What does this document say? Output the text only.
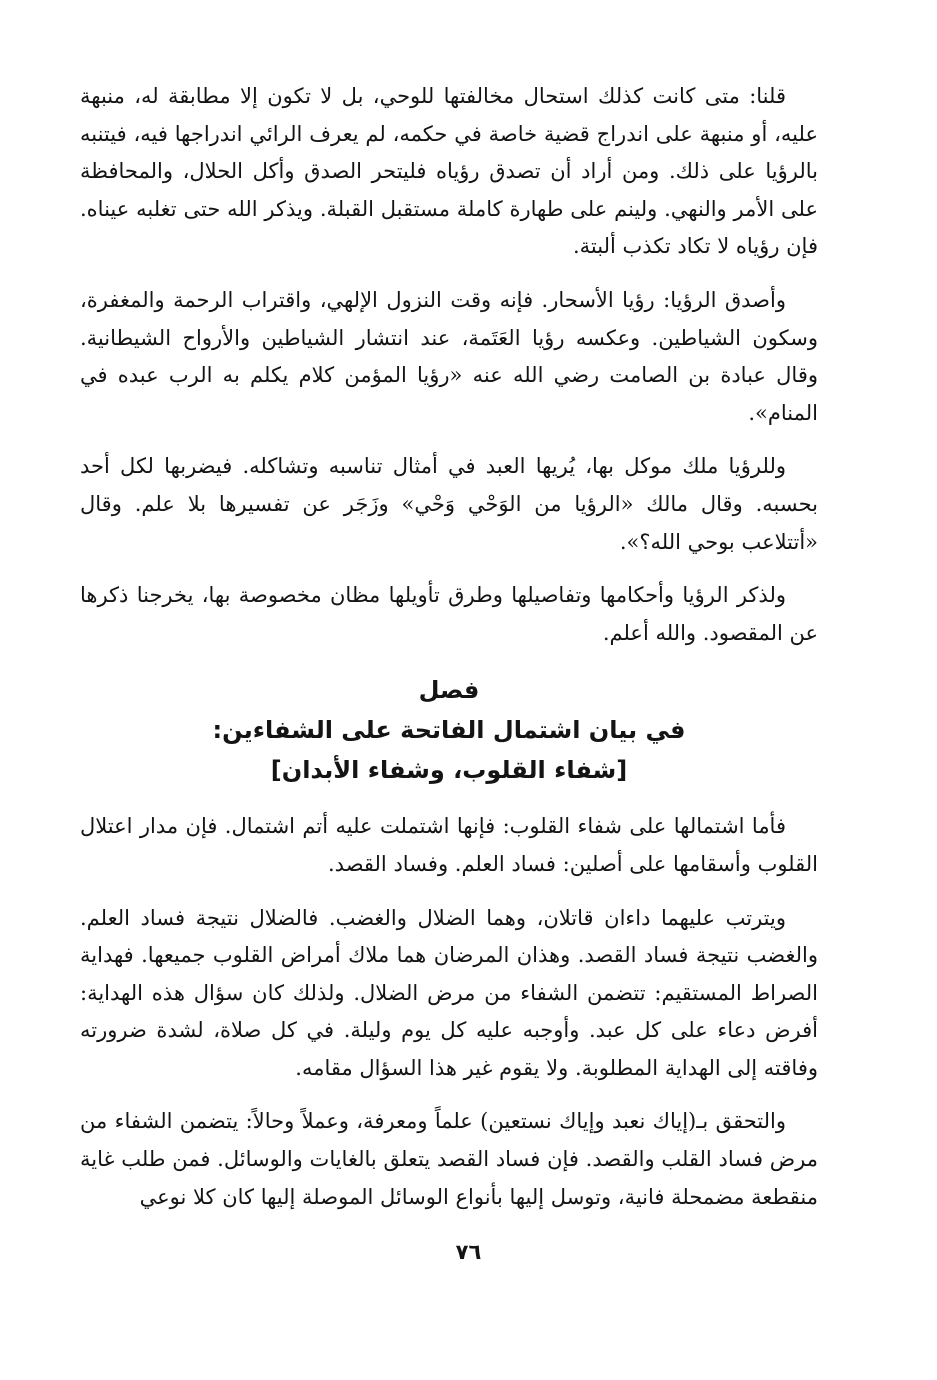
قلنا: متى كانت كذلك استحال مخالفتها للوحي، بل لا تكون إلا مطابقة له، منبهة عليه، أو منبهة على اندراج قضية خاصة في حكمه، لم يعرف الرائي اندراجها فيه، فيتنبه بالرؤيا على ذلك. ومن أراد أن تصدق رؤياه فليتحر الصدق وأكل الحلال، والمحافظة على الأمر والنهي. ولينم على طهارة كاملة مستقبل القبلة. ويذكر الله حتى تغلبه عيناه. فإن رؤياه لا تكاد تكذب ألبتة.

وأصدق الرؤيا: رؤيا الأسحار. فإنه وقت النزول الإلهي، واقتراب الرحمة والمغفرة، وسكون الشياطين. وعكسه رؤيا العَتَمة، عند انتشار الشياطين والأرواح الشيطانية. وقال عبادة بن الصامت رضي الله عنه «رؤيا المؤمن كلام يكلم به الرب عبده في المنام».

وللرؤيا ملك موكل بها، يُريها العبد في أمثال تناسبه وتشاكله. فيضربها لكل أحد بحسبه. وقال مالك «الرؤيا من الوَحْي وَحْي» وزَجَر عن تفسيرها بلا علم. وقال «أتتلاعب بوحي الله؟».

ولذكر الرؤيا وأحكامها وتفاصيلها وطرق تأويلها مظان مخصوصة بها، يخرجنا ذكرها عن المقصود. والله أعلم.

فصل
في بيان اشتمال الفاتحة على الشفاءين:
[شفاء القلوب، وشفاء الأبدان]

فأما اشتمالها على شفاء القلوب: فإنها اشتملت عليه أتم اشتمال. فإن مدار اعتلال القلوب وأسقامها على أصلين: فساد العلم. وفساد القصد.

ويترتب عليهما داءان قاتلان، وهما الضلال والغضب. فالضلال نتيجة فساد العلم. والغضب نتيجة فساد القصد. وهذان المرضان هما ملاك أمراض القلوب جميعها. فهداية الصراط المستقيم: تتضمن الشفاء من مرض الضلال. ولذلك كان سؤال هذه الهداية: أفرض دعاء على كل عبد. وأوجبه عليه كل يوم وليلة. في كل صلاة، لشدة ضرورته وفاقته إلى الهداية المطلوبة. ولا يقوم غير هذا السؤال مقامه.

والتحقق بـ(إياك نعبد وإياك نستعين) علماً ومعرفة، وعملاً وحالاً: يتضمن الشفاء من مرض فساد القلب والقصد. فإن فساد القصد يتعلق بالغايات والوسائل. فمن طلب غاية منقطعة مضمحلة فانية، وتوسل إليها بأنواع الوسائل الموصلة إليها كان كلا نوعي

٧٦
